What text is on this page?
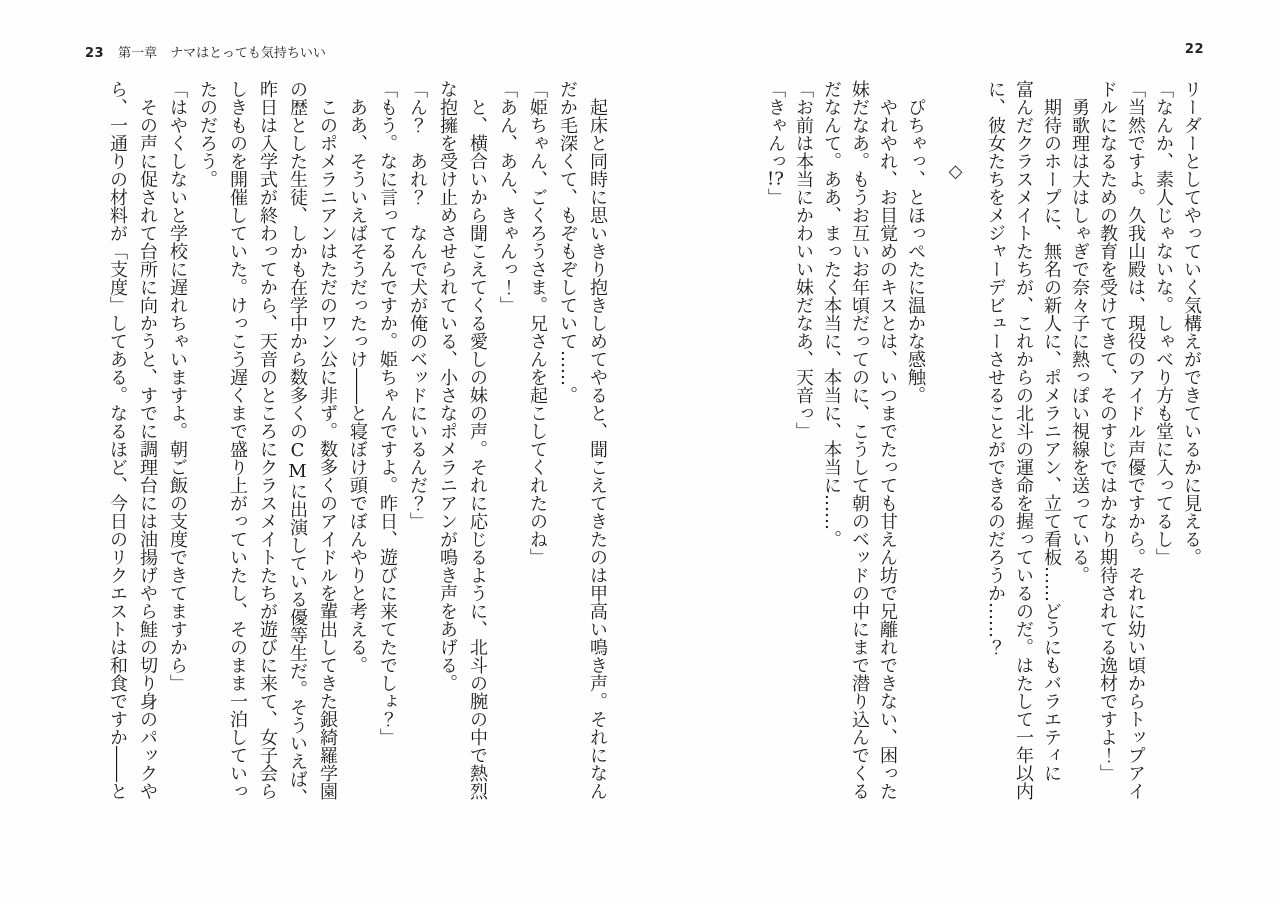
23 第一章 ナマはとっても気持ちいい	22

リーダーとしてやっていく気構えができているかに見える。

「なんか、素人じゃないな。しゃべり方も堂に入ってるし」

「当然ですよ。久我山殿は、現役のアイドル声優ですから。それに幼い頃からトップアイ

ドルになるための教育を受けてきて、そのすじではかなり期待されてる逸材ですよ！」

　勇歌理は大はしゃぎで奈々子に熱っぽい視線を送っている。

　期待のホープに、無名の新人に、ポメラニアン、立て看板……どうにもバラエティに

富んだクラスメイトたちが、これからの北斗の運命を握っているのだ。はたして一年以内

に、彼女たちをメジャーデビューさせることができるのだろうか……？

◇

　ぴちゃっ、とほっぺたに温かな感触。

　やれやれ、お目覚めのキスとは、いつまでたっても甘えん坊で兄離れできない、困った

妹だなあ。もうお互いお年頃だってのに、こうして朝のベッドの中にまで潜り込んでくる

だなんて。ああ、まったく本当に、本当に、本当に……。

「お前は本当にかわいい妹だなあ、天音っ」

「きゃんっ!?」

　起床と同時に思いきり抱きしめてやると、聞こえてきたのは甲高い鳴き声。それになん

だか毛深くて、もぞもぞしていて……。

「姫ちゃん、ごくろうさま。兄さんを起こしてくれたのね」

「あん、あん、きゃんっ！」

　と、横合いから聞こえてくる愛しの妹の声。それに応じるように、北斗の腕の中で熱烈

な抱擁を受け止めさせられている、小さなポメラニアンが鳴き声をあげる。

「ん？　あれ？　なんで犬が俺のベッドにいるんだ？」

「もう。なに言ってるんですか。姫ちゃんですよ。昨日、遊びに来てたでしょ？」

　ああ、そういえばそうだったっけ――と寝ぼけ頭でぼんやりと考える。

　このポメラニアンはただのワン公に非ず。数多くのアイドルを輩出してきた銀綺羅学園

の歴とした生徒、しかも在学中から数多くのCMに出演している優等生だ。そういえば、

昨日は入学式が終わってから、天音のところにクラスメイトたちが遊びに来て、女子会ら

しきものを開催していた。けっこう遅くまで盛り上がっていたし、そのまま一泊していっ

たのだろう。

「はやくしないと学校に遅れちゃいますよ。朝ご飯の支度できてますから」

　その声に促されて台所に向かうと、すでに調理台には油揚げやら鮭の切り身のパックや

ら、一通りの材料が「支度」してある。なるほど、今日のリクエストは和食ですか――と
